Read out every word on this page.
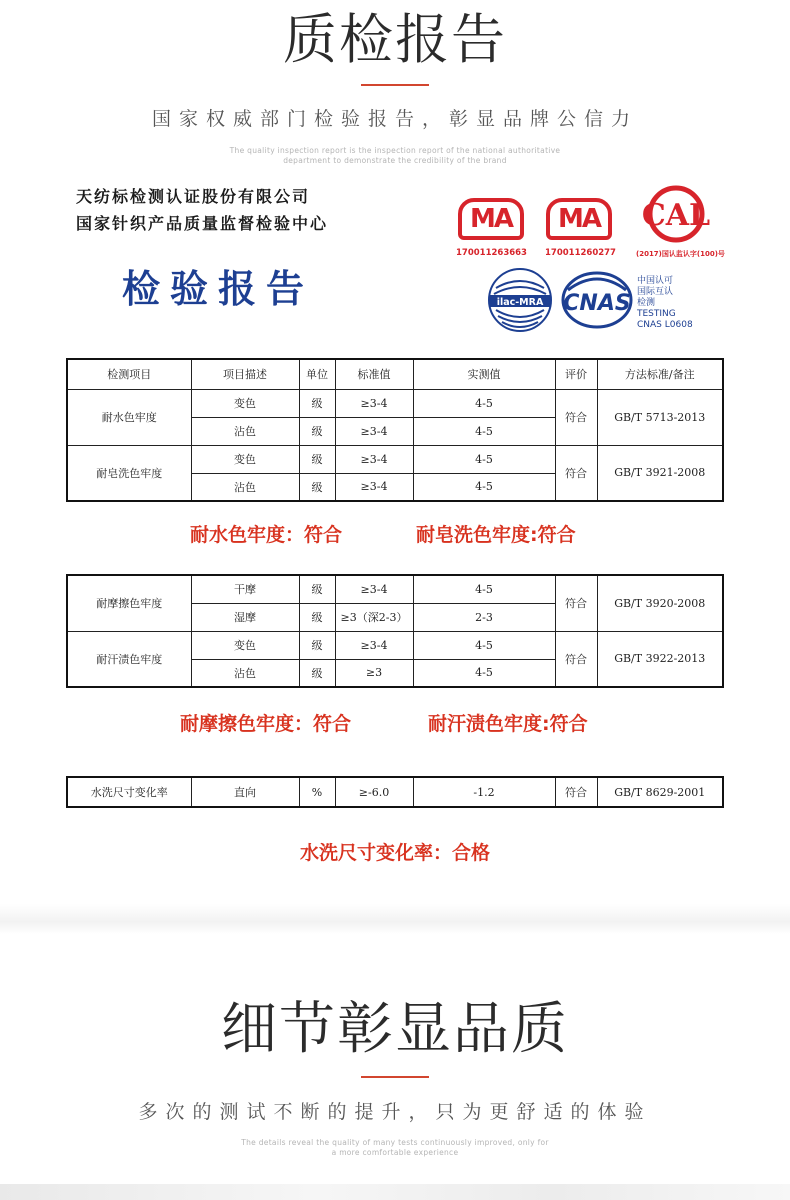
质检报告
国家权威部门检验报告，彰显品牌公信力
The quality inspection report is the inspection report of the national authoritative
department to demonstrate the credibility of the brand
天纺标检测认证股份有限公司
国家针织产品质量监督检验中心
检验报告
MA
170011263663
MA
170011260277
CAL
(2017)国认监认字(100)号
ilac-MRA CNAS
中国认可
国际互认
检测
TESTING
CNAS L0608
检测项目	项目描述	单位	标准值	实测值	评价	方法标准/备注
耐水色牢度	变色	级	≥3-4	4-5	符合	GB/T 5713-2013
	沾色	级	≥3-4	4-5		
耐皂洗色牢度	变色	级	≥3-4	4-5	符合	GB/T 3921-2008
	沾色	级	≥3-4	4-5		
耐水色牢度：符合	耐皂洗色牢度:符合
耐摩擦色牢度	干摩	级	≥3-4	4-5	符合	GB/T 3920-2008
	湿摩	级	≥3（深2-3）	2-3		
耐汗渍色牢度	变色	级	≥3-4	4-5	符合	GB/T 3922-2013
	沾色	级	≥3	4-5		
耐摩擦色牢度：符合	耐汗渍色牢度:符合
水洗尺寸变化率	直向	%	≥-6.0	-1.2	符合	GB/T 8629-2001
水洗尺寸变化率：合格
细节彰显品质
多次的测试不断的提升，只为更舒适的体验
The details reveal the quality of many tests continuously improved, only for
a more comfortable experience
